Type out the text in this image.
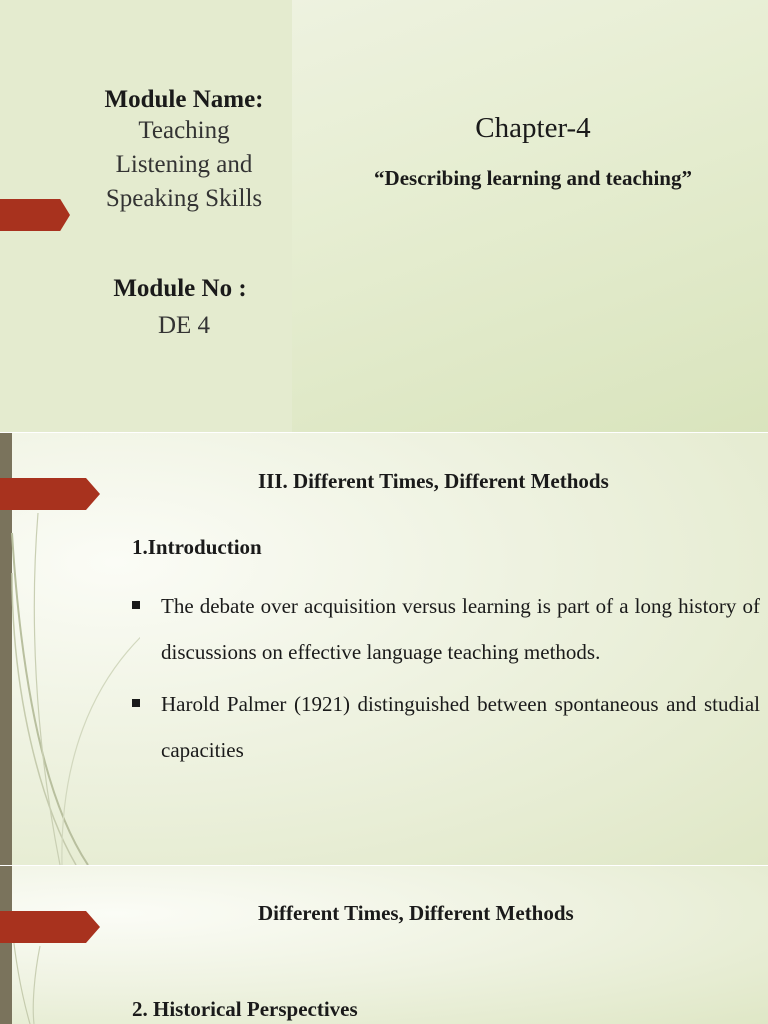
Module Name:
Teaching
Listening and
Speaking Skills
Module No :
DE 4
Chapter-4
“Describing learning and teaching”
III. Different Times, Different Methods
1.Introduction
The debate over acquisition versus learning is part of a long history of discussions on effective language teaching methods.
Harold Palmer (1921) distinguished between spontaneous and studial capacities
Different Times, Different Methods
2. Historical Perspectives
